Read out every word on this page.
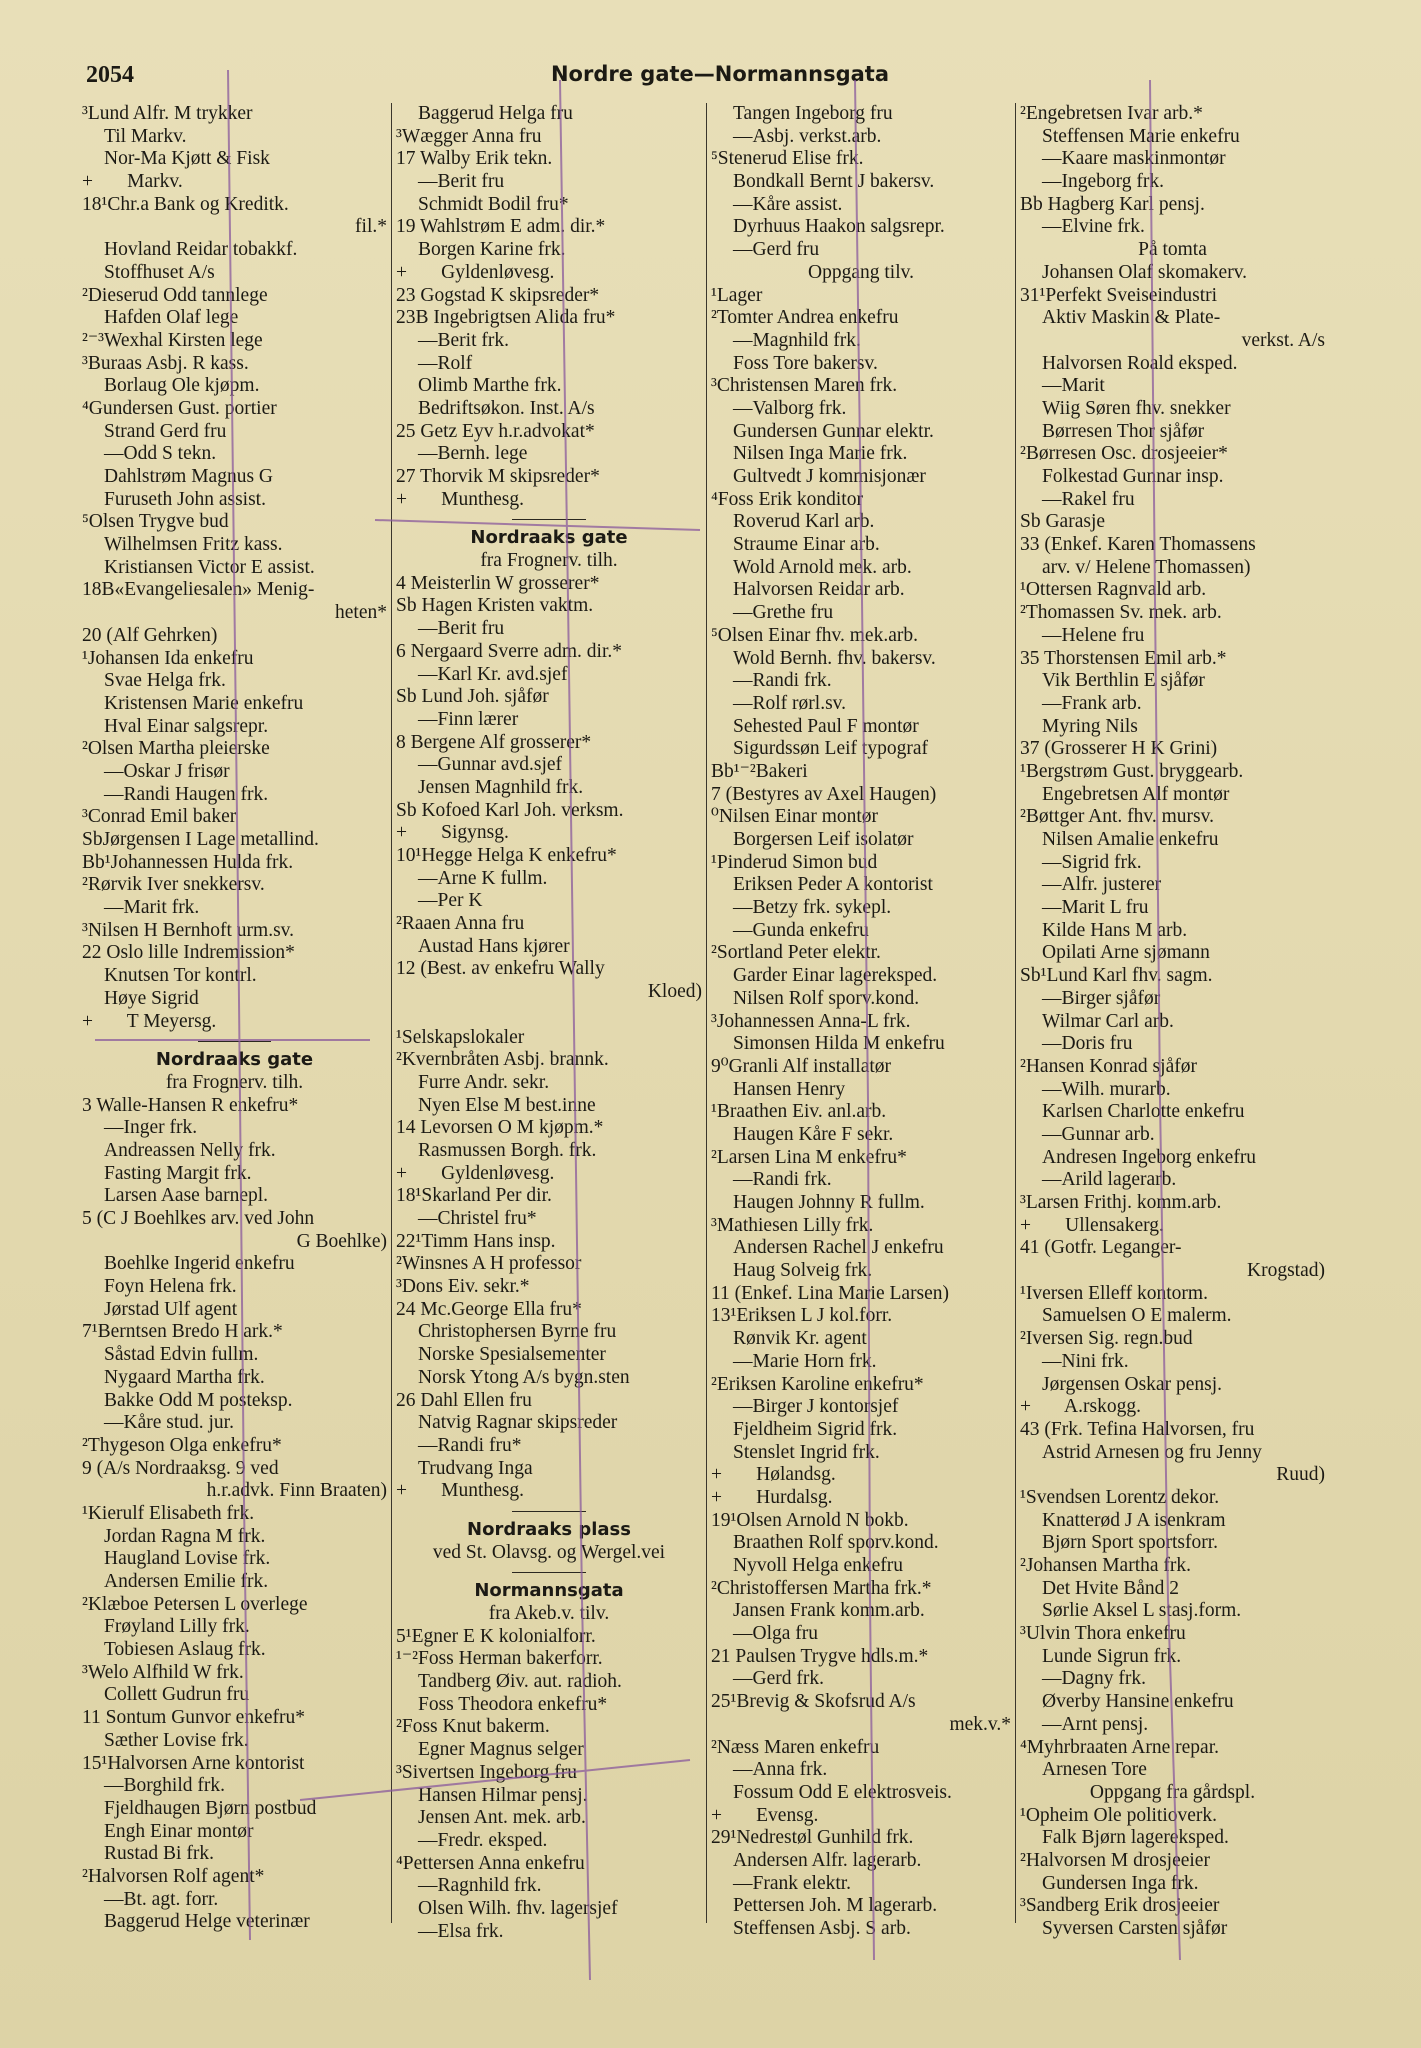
2054	Nordre gate—Normannsgata
³Lund Alfr. M trykker
Til Markv.
Nor-Ma Kjøtt & Fisk
+       Markv.
18¹Chr.a Bank og Kreditk.
fil.*
Hovland Reidar tobakkf.
Stoffhuset A/s
²Dieserud Odd tannlege
Hafden Olaf lege
²⁻³Wexhal Kirsten lege
³Buraas Asbj. R kass.
Borlaug Ole kjøpm.
⁴Gundersen Gust. portier
Strand Gerd fru
—Odd S tekn.
Dahlstrøm Magnus G
Furuseth John assist.
⁵Olsen Trygve bud
Wilhelmsen Fritz kass.
Kristiansen Victor E assist.
18B«Evangeliesalen» Menig-
heten*
20 (Alf Gehrken)
¹Johansen Ida enkefru
Svae Helga frk.
Kristensen Marie enkefru
Hval Einar salgsrepr.
²Olsen Martha pleierske
—Oskar J frisør
—Randi Haugen frk.
³Conrad Emil baker
SbJørgensen I Lage metallind.
Bb¹Johannessen Hulda frk.
²Rørvik Iver snekkersv.
—Marit frk.
³Nilsen H Bernhoft urm.sv.
22 Oslo lille Indremission*
Knutsen Tor kontrl.
Høye Sigrid
+       T Meyersg.
Nordraaks gate
fra Frognerv. tilh.
3 Walle-Hansen R enkefru*
—Inger frk.
Andreassen Nelly frk.
Fasting Margit frk.
Larsen Aase barnepl.
5 (C J Boehlkes arv. ved John
G Boehlke)
Boehlke Ingerid enkefru
Foyn Helena frk.
Jørstad Ulf agent
7¹Berntsen Bredo H ark.*
Såstad Edvin fullm.
Nygaard Martha frk.
Bakke Odd M posteksp.
—Kåre stud. jur.
²Thygeson Olga enkefru*
9 (A/s Nordraaksg. 9 ved
h.r.advk. Finn Braaten)
¹Kierulf Elisabeth frk.
Jordan Ragna M frk.
Haugland Lovise frk.
Andersen Emilie frk.
²Klæboe Petersen L overlege
Frøyland Lilly frk.
Tobiesen Aslaug frk.
³Welo Alfhild W frk.
Collett Gudrun fru
11 Sontum Gunvor enkefru*
Sæther Lovise frk.
15¹Halvorsen Arne kontorist
—Borghild frk.
Fjeldhaugen Bjørn postbud
Engh Einar montør
Rustad Bi frk.
²Halvorsen Rolf agent*
—Bt. agt. forr.
Baggerud Helge veterinær
Baggerud Helga fru
³Wægger Anna fru
17 Walby Erik tekn.
—Berit fru
Schmidt Bodil fru*
19 Wahlstrøm E adm. dir.*
Borgen Karine frk.
+       Gyldenløvesg.
23 Gogstad K skipsreder*
23B Ingebrigtsen Alida fru*
—Berit frk.
—Rolf
Olimb Marthe frk.
Bedriftsøkon. Inst. A/s
25 Getz Eyv h.r.advokat*
—Bernh. lege
27 Thorvik M skipsreder*
+       Munthesg.
Nordraaks gate
fra Frognerv. tilh.
4 Meisterlin W grosserer*
Sb Hagen Kristen vaktm.
—Berit fru
6 Nergaard Sverre adm. dir.*
—Karl Kr. avd.sjef
Sb Lund Joh. sjåfør
—Finn lærer
8 Bergene Alf grosserer*
—Gunnar avd.sjef
Jensen Magnhild frk.
Sb Kofoed Karl Joh. verksm.
+       Sigynsg.
10¹Hegge Helga K enkefru*
—Arne K fullm.
—Per K
²Raaen Anna fru
Austad Hans kjører
12 (Best. av enkefru Wally
Kloed)
¹Selskapslokaler
²Kvernbråten Asbj. brannk.
Furre Andr. sekr.
Nyen Else M best.inne
14 Levorsen O M kjøpm.*
Rasmussen Borgh. frk.
+       Gyldenløvesg.
18¹Skarland Per dir.
—Christel fru*
22¹Timm Hans insp.
²Winsnes A H professor
³Dons Eiv. sekr.*
24 Mc.George Ella fru*
Christophersen Byrne fru
Norske Spesialsementer
Norsk Ytong A/s bygn.sten
26 Dahl Ellen fru
Natvig Ragnar skipsreder
—Randi fru*
Trudvang Inga
+       Munthesg.
Nordraaks plass
ved St. Olavsg. og Wergel.vei
Normannsgata
fra Akeb.v. tilv.
5¹Egner E K kolonialforr.
¹⁻²Foss Herman bakerforr.
Tandberg Øiv. aut. radioh.
Foss Theodora enkefru*
²Foss Knut bakerm.
Egner Magnus selger
³Sivertsen Ingeborg fru
Hansen Hilmar pensj.
Jensen Ant. mek. arb.
—Fredr. eksped.
⁴Pettersen Anna enkefru
—Ragnhild frk.
Olsen Wilh. fhv. lagersjef
—Elsa frk.
Tangen Ingeborg fru
—Asbj. verkst.arb.
⁵Stenerud Elise frk.
Bondkall Bernt J bakersv.
—Kåre assist.
Dyrhuus Haakon salgsrepr.
—Gerd fru
Oppgang tilv.
¹Lager
²Tomter Andrea enkefru
—Magnhild frk.
Foss Tore bakersv.
³Christensen Maren frk.
—Valborg frk.
Gundersen Gunnar elektr.
Nilsen Inga Marie frk.
Gultvedt J kommisjonær
⁴Foss Erik konditor
Roverud Karl arb.
Straume Einar arb.
Wold Arnold mek. arb.
Halvorsen Reidar arb.
—Grethe fru
⁵Olsen Einar fhv. mek.arb.
Wold Bernh. fhv. bakersv.
—Randi frk.
—Rolf rørl.sv.
Sehested Paul F montør
Sigurdssøn Leif typograf
Bb¹⁻²Bakeri
7 (Bestyres av Axel Haugen)
⁰Nilsen Einar montør
Borgersen Leif isolatør
¹Pinderud Simon bud
Eriksen Peder A kontorist
—Betzy frk. sykepl.
—Gunda enkefru
²Sortland Peter elektr.
Garder Einar lagereksped.
Nilsen Rolf sporv.kond.
³Johannessen Anna-L frk.
Simonsen Hilda M enkefru
9⁰Granli Alf installatør
Hansen Henry
¹Braathen Eiv. anl.arb.
Haugen Kåre F sekr.
²Larsen Lina M enkefru*
—Randi frk.
Haugen Johnny R fullm.
³Mathiesen Lilly frk.
Andersen Rachel J enkefru
Haug Solveig frk.
11 (Enkef. Lina Marie Larsen)
13¹Eriksen L J kol.forr.
Rønvik Kr. agent
—Marie Horn frk.
²Eriksen Karoline enkefru*
—Birger J kontorsjef
Fjeldheim Sigrid frk.
Stenslet Ingrid frk.
+       Hølandsg.
+       Hurdalsg.
19¹Olsen Arnold N bokb.
Braathen Rolf sporv.kond.
Nyvoll Helga enkefru
²Christoffersen Martha frk.*
Jansen Frank komm.arb.
—Olga fru
21 Paulsen Trygve hdls.m.*
—Gerd frk.
25¹Brevig & Skofsrud A/s
mek.v.*
²Næss Maren enkefru
—Anna frk.
Fossum Odd E elektrosveis.
+       Evensg.
29¹Nedrestøl Gunhild frk.
Andersen Alfr. lagerarb.
—Frank elektr.
Pettersen Joh. M lagerarb.
Steffensen Asbj. S arb.
²Engebretsen Ivar arb.*
Steffensen Marie enkefru
—Kaare maskinmontør
—Ingeborg frk.
Bb Hagberg Karl pensj.
—Elvine frk.
På tomta
Johansen Olaf skomakerv.
31¹Perfekt Sveiseindustri
Aktiv Maskin & Plate-
verkst. A/s
Halvorsen Roald eksped.
—Marit
Wiig Søren fhv. snekker
Børresen Thor sjåfør
²Børresen Osc. drosjeeier*
Folkestad Gunnar insp.
—Rakel fru
Sb Garasje
33 (Enkef. Karen Thomassens
arv. v/ Helene Thomassen)
¹Ottersen Ragnvald arb.
²Thomassen Sv. mek. arb.
—Helene fru
35 Thorstensen Emil arb.*
Vik Berthlin E sjåfør
—Frank arb.
Myring Nils
37 (Grosserer H K Grini)
¹Bergstrøm Gust. bryggearb.
Engebretsen Alf montør
²Bøttger Ant. fhv. mursv.
Nilsen Amalie enkefru
—Sigrid frk.
—Alfr. justerer
—Marit L fru
Kilde Hans M arb.
Opilati Arne sjømann
Sb¹Lund Karl fhv. sagm.
—Birger sjåfør
Wilmar Carl arb.
—Doris fru
²Hansen Konrad sjåfør
—Wilh. murarb.
Karlsen Charlotte enkefru
—Gunnar arb.
Andresen Ingeborg enkefru
—Arild lagerarb.
³Larsen Frithj. komm.arb.
+       Ullensakerg.
41 (Gotfr. Leganger-
Krogstad)
¹Iversen Elleff kontorm.
Samuelsen O E malerm.
²Iversen Sig. regn.bud
—Nini frk.
Jørgensen Oskar pensj.
+       A.rskogg.
43 (Frk. Tefina Halvorsen, fru
Astrid Arnesen og fru Jenny
Ruud)
¹Svendsen Lorentz dekor.
Knatterød J A isenkram
Bjørn Sport sportsforr.
²Johansen Martha frk.
Det Hvite Bånd 2
Sørlie Aksel L stasj.form.
³Ulvin Thora enkefru
Lunde Sigrun frk.
—Dagny frk.
Øverby Hansine enkefru
—Arnt pensj.
⁴Myhrbraaten Arne repar.
Arnesen Tore
Oppgang fra gårdspl.
¹Opheim Ole politioverk.
Falk Bjørn lagereksped.
²Halvorsen M drosjeeier
Gundersen Inga frk.
³Sandberg Erik drosjeeier
Syversen Carsten sjåfør
